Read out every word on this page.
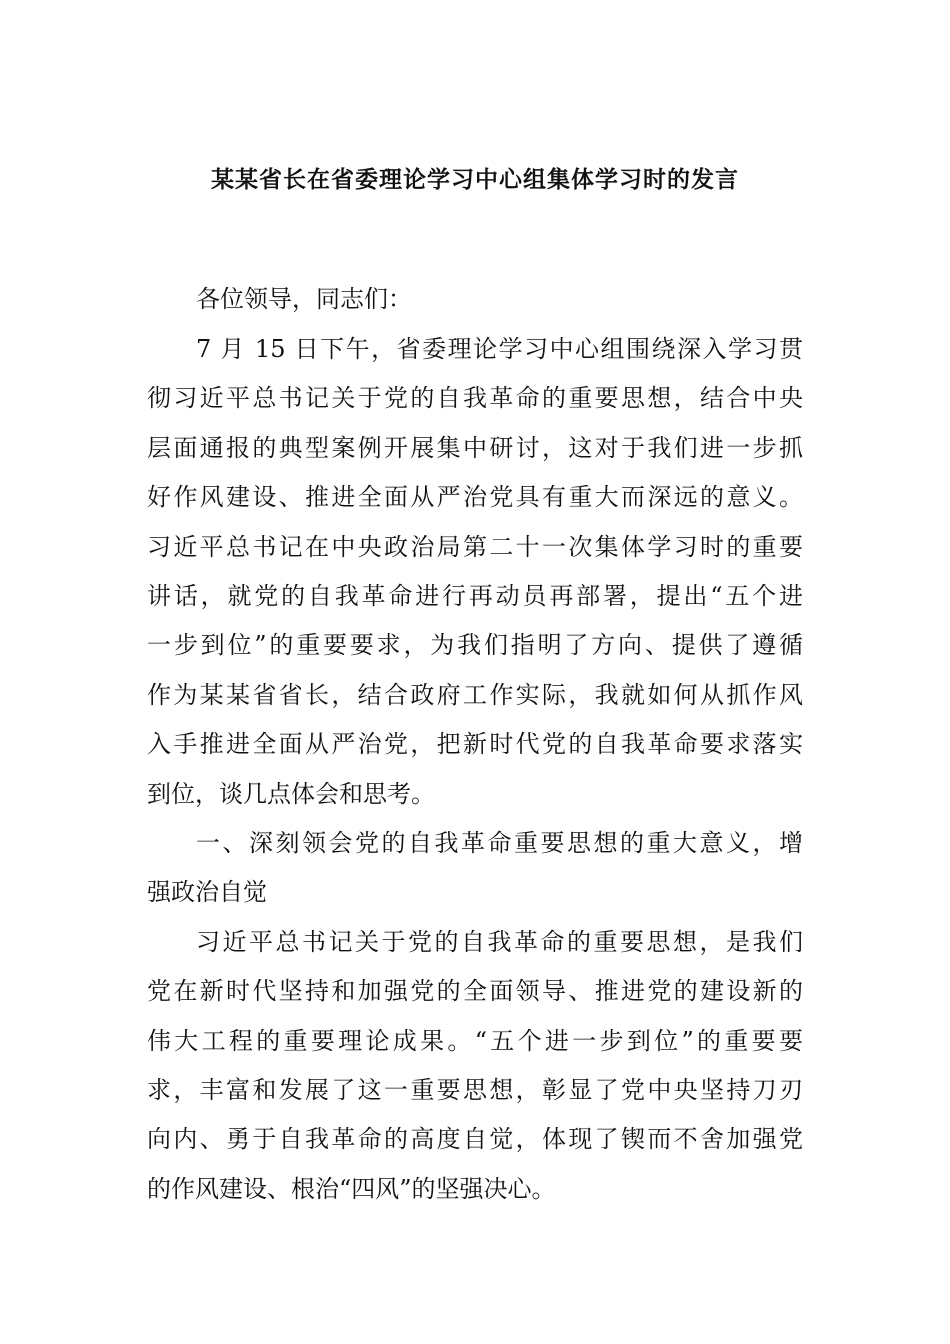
某某省长在省委理论学习中心组集体学习时的发言
各位领导，同志们：
7 月 15 日下午，省委理论学习中心组围绕深入学习贯
彻习近平总书记关于党的自我革命的重要思想，结合中央
层面通报的典型案例开展集中研讨，这对于我们进一步抓
好作风建设、推进全面从严治党具有重大而深远的意义。
习近平总书记在中央政治局第二十一次集体学习时的重要
讲话，就党的自我革命进行再动员再部署，提出“五个进
一步到位”的重要要求，为我们指明了方向、提供了遵循
作为某某省省长，结合政府工作实际，我就如何从抓作风
入手推进全面从严治党，把新时代党的自我革命要求落实
到位，谈几点体会和思考。
一、深刻领会党的自我革命重要思想的重大意义，增
强政治自觉
习近平总书记关于党的自我革命的重要思想，是我们
党在新时代坚持和加强党的全面领导、推进党的建设新的
伟大工程的重要理论成果。“五个进一步到位”的重要要
求，丰富和发展了这一重要思想，彰显了党中央坚持刀刃
向内、勇于自我革命的高度自觉，体现了锲而不舍加强党
的作风建设、根治“四风”的坚强决心。
